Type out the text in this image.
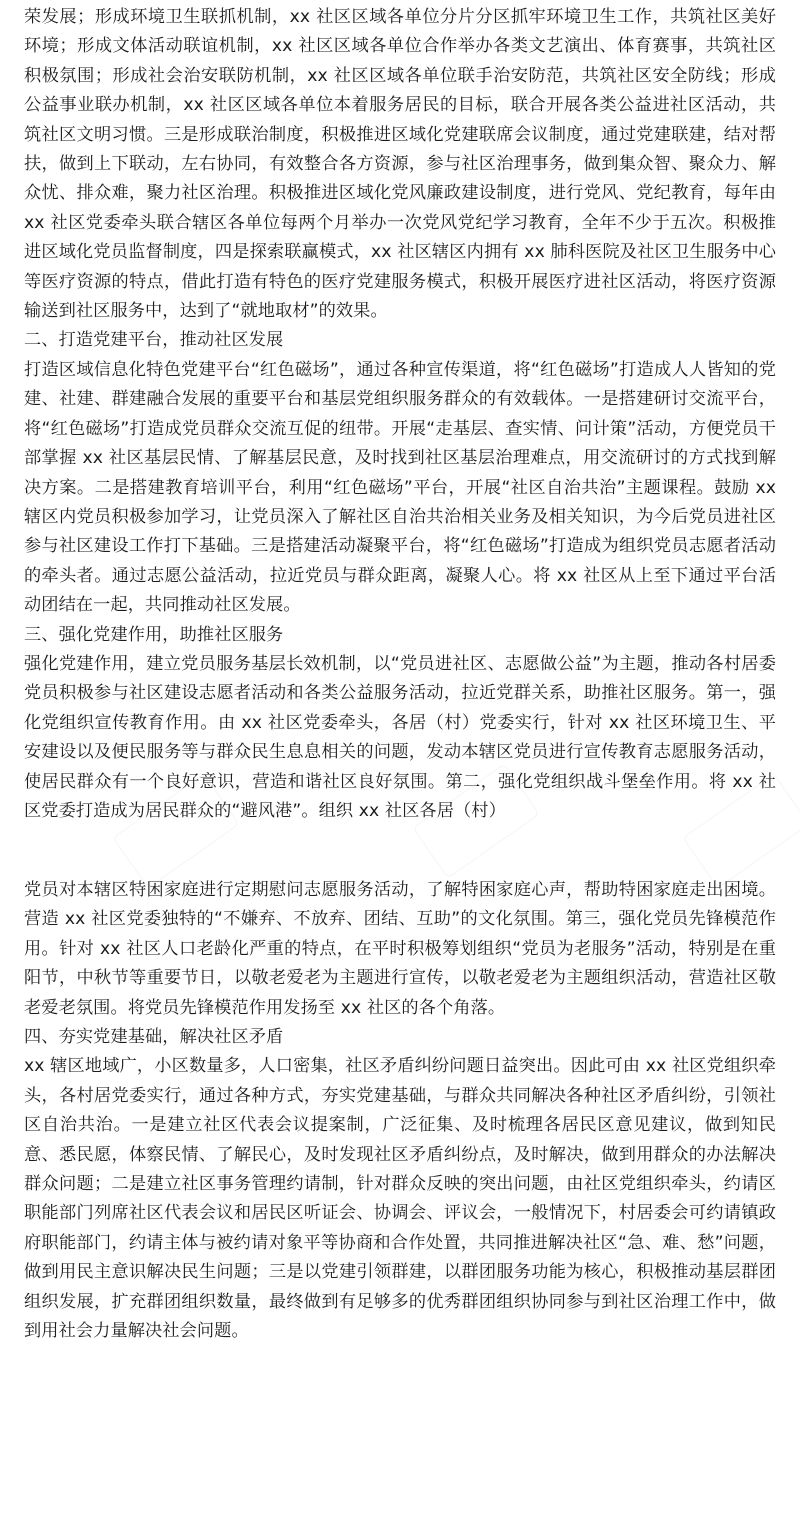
荣发展；形成环境卫生联抓机制，xx 社区区域各单位分片分区抓牢环境卫生工作，共筑社区美好环境；形成文体活动联谊机制，xx 社区区域各单位合作举办各类文艺演出、体育赛事，共筑社区积极氛围；形成社会治安联防机制，xx 社区区域各单位联手治安防范，共筑社区安全防线；形成公益事业联办机制，xx 社区区域各单位本着服务居民的目标，联合开展各类公益进社区活动，共筑社区文明习惯。三是形成联治制度，积极推进区域化党建联席会议制度，通过党建联建，结对帮扶，做到上下联动，左右协同，有效整合各方资源，参与社区治理事务，做到集众智、聚众力、解众忧、排众难，聚力社区治理。积极推进区域化党风廉政建设制度，进行党风、党纪教育，每年由 xx 社区党委牵头联合辖区各单位每两个月举办一次党风党纪学习教育，全年不少于五次。积极推进区域化党员监督制度，四是探索联赢模式，xx 社区辖区内拥有 xx 肺科医院及社区卫生服务中心等医疗资源的特点，借此打造有特色的医疗党建服务模式，积极开展医疗进社区活动，将医疗资源输送到社区服务中，达到了“就地取材”的效果。

二、打造党建平台，推动社区发展

打造区域信息化特色党建平台“红色磁场”，通过各种宣传渠道，将“红色磁场”打造成人人皆知的党建、社建、群建融合发展的重要平台和基层党组织服务群众的有效载体。一是搭建研讨交流平台，将“红色磁场”打造成党员群众交流互促的纽带。开展“走基层、查实情、问计策”活动，方便党员干部掌握 xx 社区基层民情、了解基层民意，及时找到社区基层治理难点，用交流研讨的方式找到解决方案。二是搭建教育培训平台，利用“红色磁场”平台，开展“社区自治共治”主题课程。鼓励 xx 辖区内党员积极参加学习，让党员深入了解社区自治共治相关业务及相关知识，为今后党员进社区参与社区建设工作打下基础。三是搭建活动凝聚平台，将“红色磁场”打造成为组织党员志愿者活动的牵头者。通过志愿公益活动，拉近党员与群众距离，凝聚人心。将 xx 社区从上至下通过平台活动团结在一起，共同推动社区发展。

三、强化党建作用，助推社区服务

强化党建作用，建立党员服务基层长效机制，以“党员进社区、志愿做公益”为主题，推动各村居委党员积极参与社区建设志愿者活动和各类公益服务活动，拉近党群关系，助推社区服务。第一，强化党组织宣传教育作用。由 xx 社区党委牵头，各居（村）党委实行，针对 xx 社区环境卫生、平安建设以及便民服务等与群众民生息息相关的问题，发动本辖区党员进行宣传教育志愿服务活动，使居民群众有一个良好意识，营造和谐社区良好氛围。第二，强化党组织战斗堡垒作用。将 xx 社区党委打造成为居民群众的“避风港”。组织 xx 社区各居（村）

党员对本辖区特困家庭进行定期慰问志愿服务活动，了解特困家庭心声，帮助特困家庭走出困境。营造 xx 社区党委独特的“不嫌弃、不放弃、团结、互助”的文化氛围。第三，强化党员先锋模范作用。针对 xx 社区人口老龄化严重的特点，在平时积极筹划组织“党员为老服务”活动，特别是在重阳节，中秋节等重要节日，以敬老爱老为主题进行宣传，以敬老爱老为主题组织活动，营造社区敬老爱老氛围。将党员先锋模范作用发扬至 xx 社区的各个角落。

四、夯实党建基础，解决社区矛盾

xx 辖区地域广，小区数量多，人口密集，社区矛盾纠纷问题日益突出。因此可由 xx 社区党组织牵头，各村居党委实行，通过各种方式，夯实党建基础，与群众共同解决各种社区矛盾纠纷，引领社区自治共治。一是建立社区代表会议提案制，广泛征集、及时梳理各居民区意见建议，做到知民意、悉民愿，体察民情、了解民心，及时发现社区矛盾纠纷点，及时解决，做到用群众的办法解决群众问题；二是建立社区事务管理约请制，针对群众反映的突出问题，由社区党组织牵头，约请区职能部门列席社区代表会议和居民区听证会、协调会、评议会，一般情况下，村居委会可约请镇政府职能部门，约请主体与被约请对象平等协商和合作处置，共同推进解决社区“急、难、愁”问题，做到用民主意识解决民生问题；三是以党建引领群建，以群团服务功能为核心，积极推动基层群团组织发展，扩充群团组织数量，最终做到有足够多的优秀群团组织协同参与到社区治理工作中，做到用社会力量解决社会问题。
